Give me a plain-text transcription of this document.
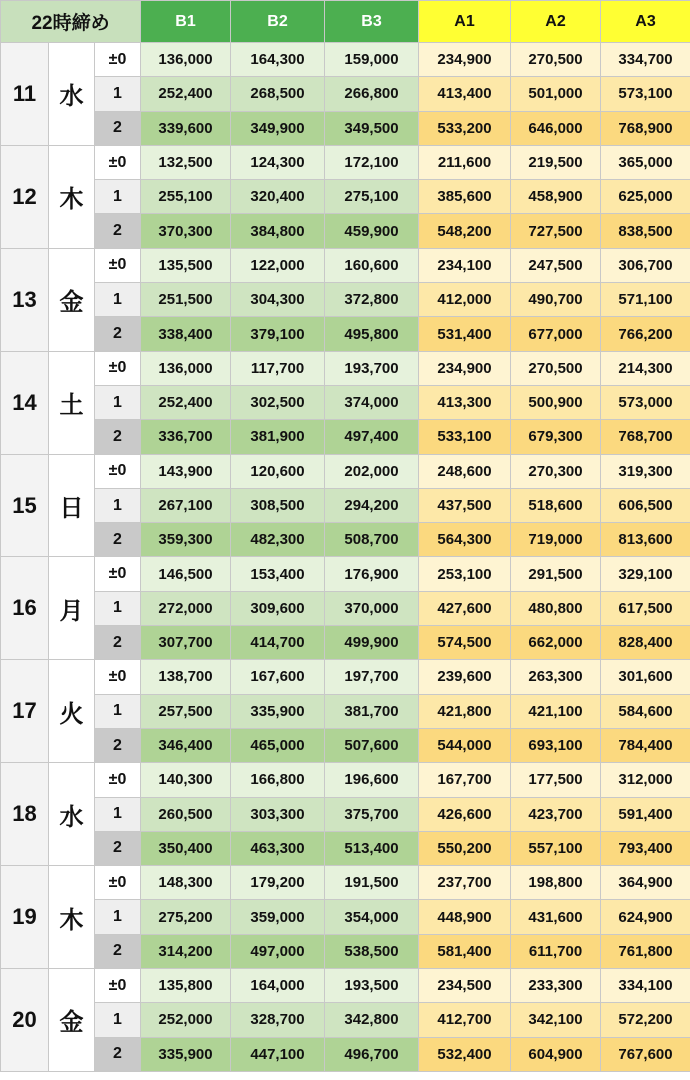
22時締め			B1	B2	B3	A1	A2	A3
11	水	±0	136,000	164,300	159,000	234,900	270,500	334,700
		1	252,400	268,500	266,800	413,400	501,000	573,100
		2	339,600	349,900	349,500	533,200	646,000	768,900
12	木	±0	132,500	124,300	172,100	211,600	219,500	365,000
		1	255,100	320,400	275,100	385,600	458,900	625,000
		2	370,300	384,800	459,900	548,200	727,500	838,500
13	金	±0	135,500	122,000	160,600	234,100	247,500	306,700
		1	251,500	304,300	372,800	412,000	490,700	571,100
		2	338,400	379,100	495,800	531,400	677,000	766,200
14	土	±0	136,000	117,700	193,700	234,900	270,500	214,300
		1	252,400	302,500	374,000	413,300	500,900	573,000
		2	336,700	381,900	497,400	533,100	679,300	768,700
15	日	±0	143,900	120,600	202,000	248,600	270,300	319,300
		1	267,100	308,500	294,200	437,500	518,600	606,500
		2	359,300	482,300	508,700	564,300	719,000	813,600
16	月	±0	146,500	153,400	176,900	253,100	291,500	329,100
		1	272,000	309,600	370,000	427,600	480,800	617,500
		2	307,700	414,700	499,900	574,500	662,000	828,400
17	火	±0	138,700	167,600	197,700	239,600	263,300	301,600
		1	257,500	335,900	381,700	421,800	421,100	584,600
		2	346,400	465,000	507,600	544,000	693,100	784,400
18	水	±0	140,300	166,800	196,600	167,700	177,500	312,000
		1	260,500	303,300	375,700	426,600	423,700	591,400
		2	350,400	463,300	513,400	550,200	557,100	793,400
19	木	±0	148,300	179,200	191,500	237,700	198,800	364,900
		1	275,200	359,000	354,000	448,900	431,600	624,900
		2	314,200	497,000	538,500	581,400	611,700	761,800
20	金	±0	135,800	164,000	193,500	234,500	233,300	334,100
		1	252,000	328,700	342,800	412,700	342,100	572,200
		2	335,900	447,100	496,700	532,400	604,900	767,600
